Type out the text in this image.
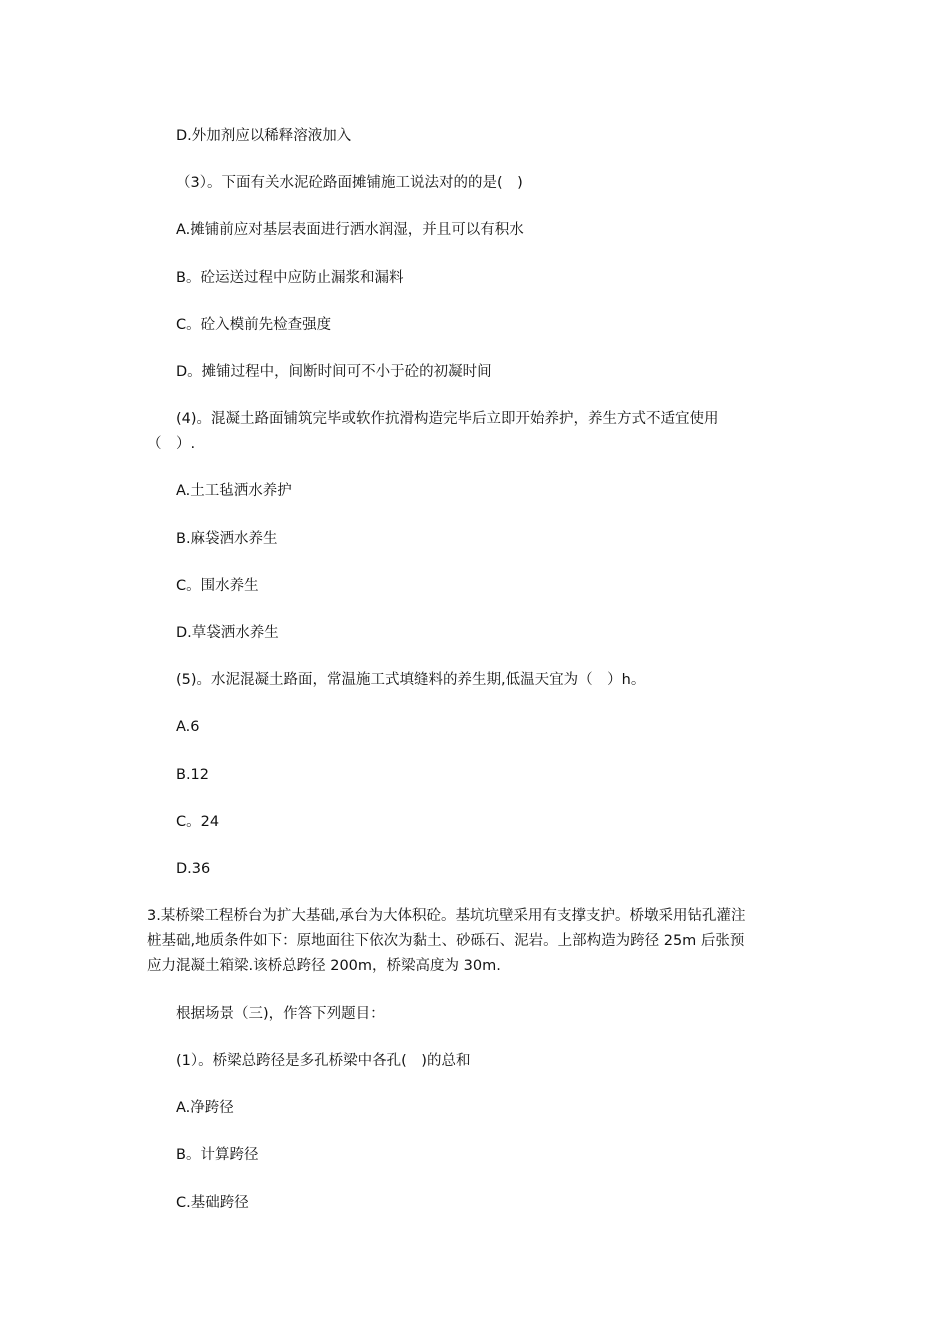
D.外加剂应以稀释溶液加入
（3）。下面有关水泥砼路面摊铺施工说法对的的是(　)
A.摊铺前应对基层表面进行洒水润湿，并且可以有积水
B。砼运送过程中应防止漏浆和漏料
C。砼入模前先检查强度
D。摊铺过程中，间断时间可不小于砼的初凝时间
(4)。混凝土路面铺筑完毕或软作抗滑构造完毕后立即开始养护，养生方式不适宜使用
（　）.
A.土工毡洒水养护
B.麻袋洒水养生
C。围水养生
D.草袋洒水养生
(5)。水泥混凝土路面，常温施工式填缝料的养生期,低温天宜为（　）h。
A.6
B.12
C。24
D.36
3.某桥梁工程桥台为扩大基础,承台为大体积砼。基坑坑壁采用有支撑支护。桥墩采用钻孔灌注
桩基础,地质条件如下：原地面往下依次为黏土、砂砾石、泥岩。上部构造为跨径 25m 后张预
应力混凝土箱梁.该桥总跨径 200m，桥梁高度为 30m.
根据场景（三)，作答下列题目：
(1）。桥梁总跨径是多孔桥梁中各孔(　)的总和
A.净跨径
B。计算跨径
C.基础跨径
